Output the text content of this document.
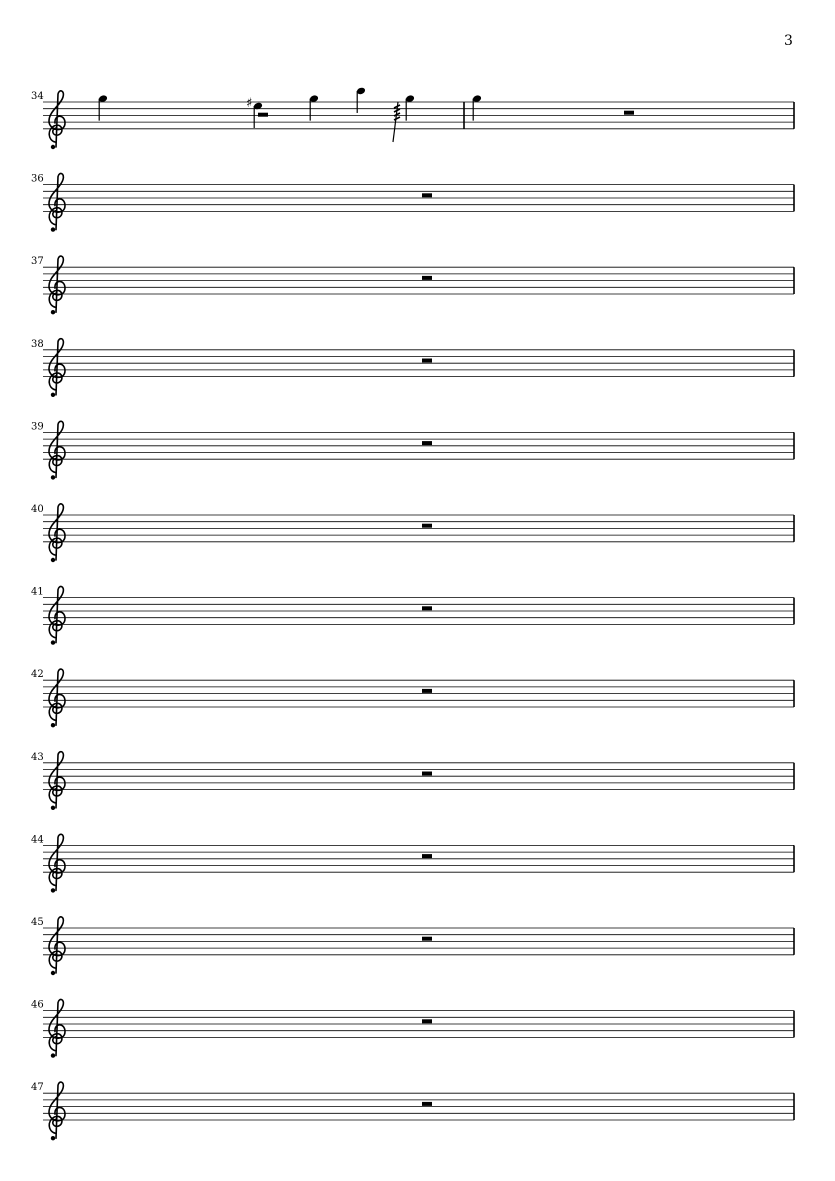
3
34	♯
36
37
38
39
40
41
42
43
44
45
46
47
